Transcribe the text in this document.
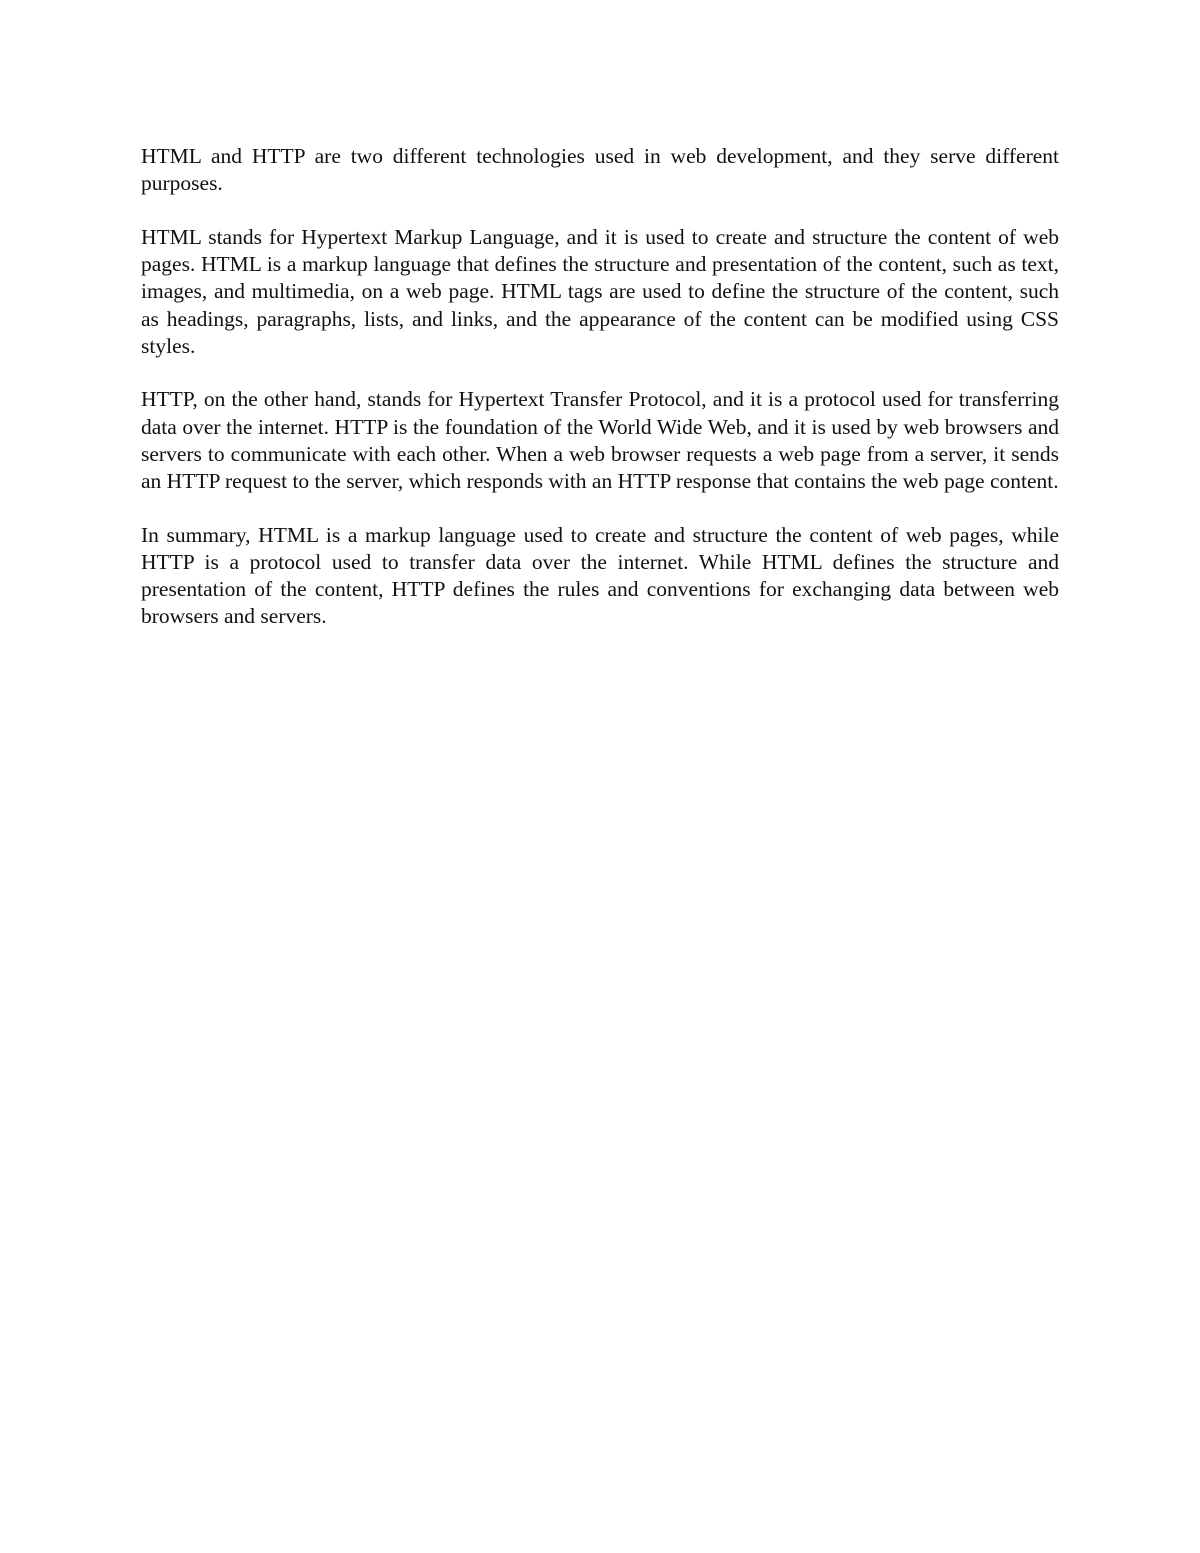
HTML and HTTP are two different technologies used in web development, and they serve different purposes.

HTML stands for Hypertext Markup Language, and it is used to create and structure the content of web pages. HTML is a markup language that defines the structure and presentation of the content, such as text, images, and multimedia, on a web page. HTML tags are used to define the structure of the content, such as headings, paragraphs, lists, and links, and the appearance of the content can be modified using CSS styles.

HTTP, on the other hand, stands for Hypertext Transfer Protocol, and it is a protocol used for transferring data over the internet. HTTP is the foundation of the World Wide Web, and it is used by web browsers and servers to communicate with each other. When a web browser requests a web page from a server, it sends an HTTP request to the server, which responds with an HTTP response that contains the web page content.

In summary, HTML is a markup language used to create and structure the content of web pages, while HTTP is a protocol used to transfer data over the internet. While HTML defines the structure and presentation of the content, HTTP defines the rules and conventions for exchanging data between web browsers and servers.
